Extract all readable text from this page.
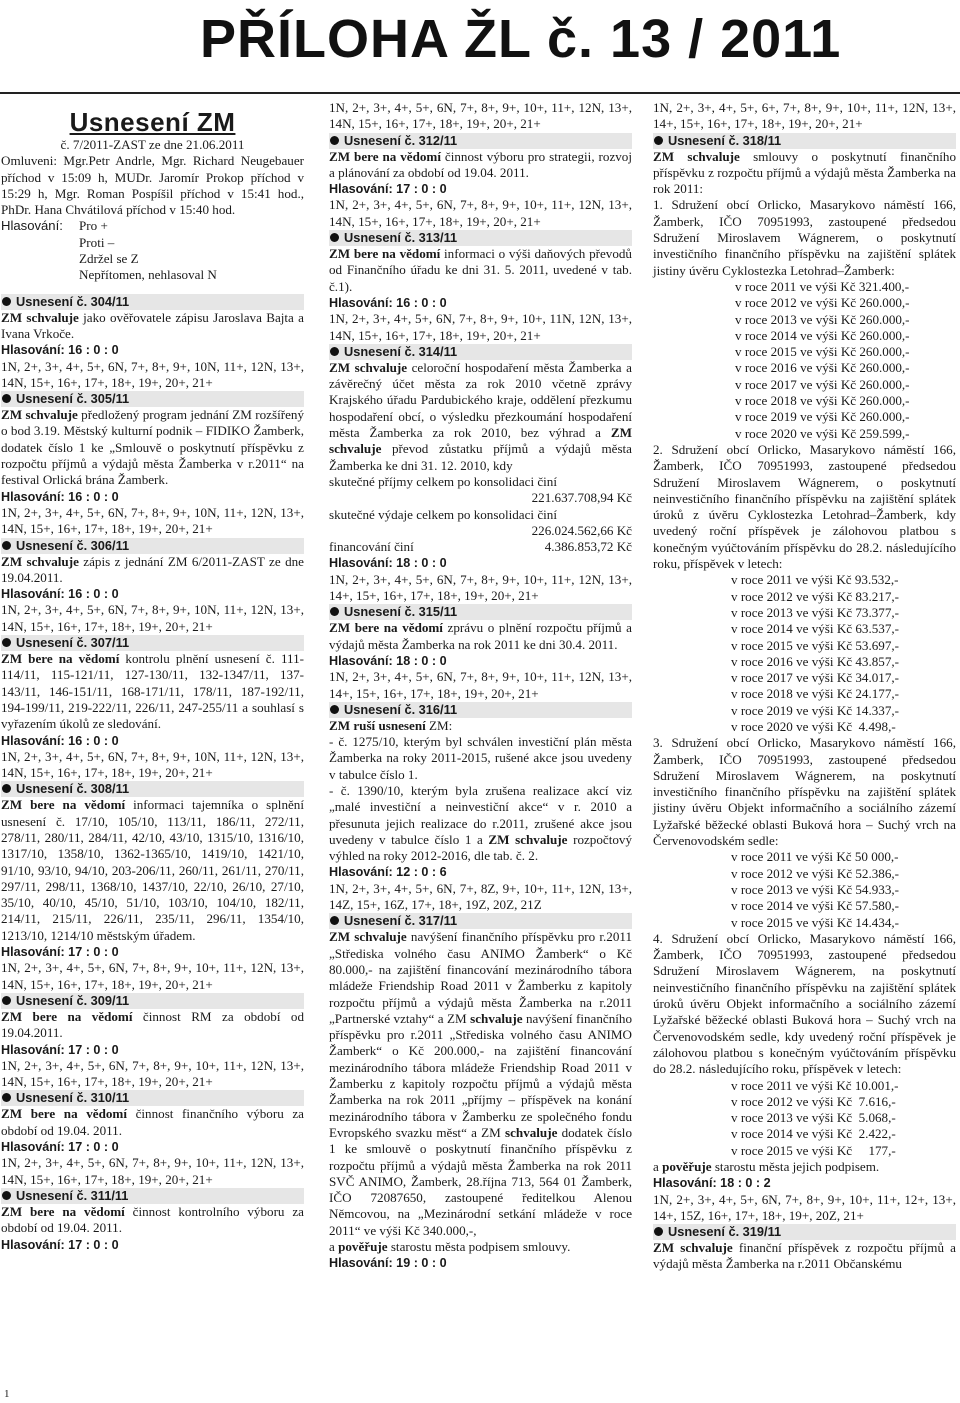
PŘÍLOHA ŽL č. 13 / 2011

Usnesení ZM

č. 7/2011-ZAST ze dne 21.06.2011

Omluveni: Mgr.Petr Andrle, Mgr. Richard Neugebauer příchod v 15:09 h, MUDr. Jaromír Prokop příchod v 15:29 h, Mgr. Roman Pospíšil příchod v 15:41 hod., PhDr. Hana Chvátilová příchod v 15:40 hod.

Hlasování:	Pro +
Proti –
Zdržel se Z
Nepřítomen, nehlasoval N

Usnesení č. 304/11

ZM schvaluje jako ověřovatele zápisu Jaroslava Bajta a Ivana Vrkoče.

Hlasování: 16 : 0 : 0

1N, 2+, 3+, 4+, 5+, 6N, 7+, 8+, 9+, 10N, 11+, 12N, 13+, 14N, 15+, 16+, 17+, 18+, 19+, 20+, 21+

Usnesení č. 305/11

ZM schvaluje předložený program jednání ZM rozšířený o bod 3.19. Městský kulturní podnik – FIDIKO Žamberk, dodatek číslo 1 ke „Smlouvě o poskytnutí příspěvku z rozpočtu příjmů a výdajů města Žamberka v r.2011“ na festival Orlická brána Žamberk.

Hlasování: 16 : 0 : 0

1N, 2+, 3+, 4+, 5+, 6N, 7+, 8+, 9+, 10N, 11+, 12N, 13+, 14N, 15+, 16+, 17+, 18+, 19+, 20+, 21+

Usnesení č. 306/11

ZM schvaluje zápis z jednání ZM 6/2011-ZAST ze dne 19.04.2011.

Hlasování: 16 : 0 : 0

1N, 2+, 3+, 4+, 5+, 6N, 7+, 8+, 9+, 10N, 11+, 12N, 13+, 14N, 15+, 16+, 17+, 18+, 19+, 20+, 21+

Usnesení č. 307/11

ZM bere na vědomí kontrolu plnění usnesení č. 111-114/11, 115-121/11, 127-130/11, 132-1347/11, 137-143/11, 146-151/11, 168-171/11, 178/11, 187-192/11, 194-199/11, 219-222/11, 226/11, 247-255/11 a souhlasí s vyřazením úkolů ze sledování.

Hlasování: 16 : 0 : 0

1N, 2+, 3+, 4+, 5+, 6N, 7+, 8+, 9+, 10N, 11+, 12N, 13+, 14N, 15+, 16+, 17+, 18+, 19+, 20+, 21+

Usnesení č. 308/11

ZM bere na vědomí informaci tajemníka o splnění usnesení č. 17/10, 105/10, 113/11, 186/11, 272/11, 278/11, 280/11, 284/11, 42/10, 43/10, 1315/10, 1316/10, 1317/10, 1358/10, 1362-1365/10, 1419/10, 1421/10, 91/10, 93/10, 94/10, 203-206/11, 260/11, 261/11, 270/11, 297/11, 298/11, 1368/10, 1437/10, 22/10, 26/10, 27/10, 35/10, 40/10, 45/10, 51/10, 103/10, 104/10, 182/11, 214/11, 215/11, 226/11, 235/11, 296/11, 1354/10, 1213/10, 1214/10 městským úřadem.

Hlasování: 17 : 0 : 0

1N, 2+, 3+, 4+, 5+, 6N, 7+, 8+, 9+, 10+, 11+, 12N, 13+, 14N, 15+, 16+, 17+, 18+, 19+, 20+, 21+

Usnesení č. 309/11

ZM bere na vědomí činnost RM za období od 19.04.2011.

Hlasování: 17 : 0 : 0

1N, 2+, 3+, 4+, 5+, 6N, 7+, 8+, 9+, 10+, 11+, 12N, 13+, 14N, 15+, 16+, 17+, 18+, 19+, 20+, 21+

Usnesení č. 310/11

ZM bere na vědomí činnost finančního výboru za období od 19.04. 2011.

Hlasování: 17 : 0 : 0

1N, 2+, 3+, 4+, 5+, 6N, 7+, 8+, 9+, 10+, 11+, 12N, 13+, 14N, 15+, 16+, 17+, 18+, 19+, 20+, 21+

Usnesení č. 311/11

ZM bere na vědomí činnost kontrolního výboru za období od 19.04. 2011.

Hlasování: 17 : 0 : 0

1N, 2+, 3+, 4+, 5+, 6N, 7+, 8+, 9+, 10+, 11+, 12N, 13+, 14N, 15+, 16+, 17+, 18+, 19+, 20+, 21+

Usnesení č. 312/11

ZM bere na vědomí činnost výboru pro strategii, rozvoj a plánování za období od 19.04. 2011.

Hlasování: 17 : 0 : 0

1N, 2+, 3+, 4+, 5+, 6N, 7+, 8+, 9+, 10+, 11+, 12N, 13+, 14N, 15+, 16+, 17+, 18+, 19+, 20+, 21+

Usnesení č. 313/11

ZM bere na vědomí informaci o výši daňových převodů od Finančního úřadu ke dni 31. 5. 2011, uvedené v tab. č.1).

Hlasování: 16 : 0 : 0

1N, 2+, 3+, 4+, 5+, 6N, 7+, 8+, 9+, 10+, 11N, 12N, 13+, 14N, 15+, 16+, 17+, 18+, 19+, 20+, 21+

Usnesení č. 314/11

ZM schvaluje celoroční hospodaření města Žamberka a závěrečný účet města za rok 2010 včetně zprávy Krajského úřadu Pardubického kraje, oddělení přezkumu hospodaření obcí, o výsledku přezkoumání hospodaření města Žamberka za rok 2010, bez výhrad a ZM schvaluje převod zůstatku příjmů a výdajů města Žamberka ke dni 31. 12. 2010, kdy

skutečné příjmy celkem po konsolidaci činí

221.637.708,94 Kč

skutečné výdaje celkem po konsolidaci činí

226.024.562,66 Kč

financování činí	4.386.853,72 Kč

Hlasování: 18 : 0 : 0

1N, 2+, 3+, 4+, 5+, 6N, 7+, 8+, 9+, 10+, 11+, 12N, 13+, 14+, 15+, 16+, 17+, 18+, 19+, 20+, 21+

Usnesení č. 315/11

ZM bere na vědomí zprávu o plnění rozpočtu příjmů a výdajů města Žamberka na rok 2011 ke dni 30.4. 2011.

Hlasování: 18 : 0 : 0

1N, 2+, 3+, 4+, 5+, 6N, 7+, 8+, 9+, 10+, 11+, 12N, 13+, 14+, 15+, 16+, 17+, 18+, 19+, 20+, 21+

Usnesení č. 316/11

ZM ruší usnesení ZM:

- č. 1275/10, kterým byl schválen investiční plán města Žamberka na roky 2011-2015, rušené akce jsou uvedeny v tabulce číslo 1.

- č. 1390/10, kterým byla zrušena realizace akcí viz „malé investiční a neinvestiční akce“ v r. 2010 a přesunuta jejich realizace do r.2011, zrušené akce jsou uvedeny v tabulce číslo 1 a ZM schvaluje rozpočtový výhled na roky 2012-2016, dle tab. č. 2.

Hlasování: 12 : 0 : 6

1N, 2+, 3+, 4+, 5+, 6N, 7+, 8Z, 9+, 10+, 11+, 12N, 13+, 14Z, 15+, 16Z, 17+, 18+, 19Z, 20Z, 21Z

Usnesení č. 317/11

ZM schvaluje navýšení finančního příspěvku pro r.2011 „Střediska volného času ANIMO Žamberk“ o Kč 80.000,- na zajištění financování mezinárodního tábora mládeže Friendship Road 2011 v Žamberku z kapitoly rozpočtu příjmů a výdajů města Žamberka na r.2011 „Partnerské vztahy“ a ZM schvaluje navýšení finančního příspěvku pro r.2011 „Střediska volného času ANIMO Žamberk“ o Kč 200.000,- na zajištění financování mezinárodního tábora mládeže Friendship Road 2011 v Žamberku z kapitoly rozpočtu příjmů a výdajů města Žamberka na rok 2011 „příjmy – příspěvek na konání mezinárodního tábora v Žamberku ze společného fondu Evropského svazku měst“ a ZM schvaluje dodatek číslo 1 ke smlouvě o poskytnutí finančního příspěvku z rozpočtu příjmů a výdajů města Žamberka na rok 2011 SVČ ANIMO, Žamberk, 28.října 713, 564 01 Žamberk, IČO 72087650, zastoupené ředitelkou Alenou Němcovou, na „Mezinárodní setkání mládeže v roce 2011“ ve výši Kč 340.000,-,

a pověřuje starostu města podpisem smlouvy.

Hlasování: 19 : 0 : 0

1N, 2+, 3+, 4+, 5+, 6+, 7+, 8+, 9+, 10+, 11+, 12N, 13+, 14+, 15+, 16+, 17+, 18+, 19+, 20+, 21+

Usnesení č. 318/11

ZM schvaluje smlouvy o poskytnutí finančního příspěvku z rozpočtu příjmů a výdajů města Žamberka na rok 2011:

1. Sdružení obcí Orlicko, Masarykovo náměstí 166, Žamberk, IČO 70951993, zastoupené předsedou Sdružení Miroslavem Wágnerem, o poskytnutí investičního finančního příspěvku na zajištění splátek jistiny úvěru Cyklostezka Letohrad–Žamberk:

v roce 2011 ve výši Kč 321.400,-
v roce 2012 ve výši Kč 260.000,-
v roce 2013 ve výši Kč 260.000,-
v roce 2014 ve výši Kč 260.000,-
v roce 2015 ve výši Kč 260.000,-
v roce 2016 ve výši Kč 260.000,-
v roce 2017 ve výši Kč 260.000,-
v roce 2018 ve výši Kč 260.000,-
v roce 2019 ve výši Kč 260.000,-
v roce 2020 ve výši Kč 259.599,-

2. Sdružení obcí Orlicko, Masarykovo náměstí 166, Žamberk, IČO 70951993, zastoupené předsedou Sdružení Miroslavem Wágnerem, o poskytnutí neinvestičního finančního příspěvku na zajištění splátek úroků z úvěru Cyklostezka Letohrad–Žamberk, kdy uvedený roční příspěvek je zálohovou platbou s konečným vyúčtováním příspěvku do 28.2. následujícího roku, příspěvek v letech:

v roce 2011 ve výši Kč 93.532,-
v roce 2012 ve výši Kč 83.217,-
v roce 2013 ve výši Kč 73.377,-
v roce 2014 ve výši Kč 63.537,-
v roce 2015 ve výši Kč 53.697,-
v roce 2016 ve výši Kč 43.857,-
v roce 2017 ve výši Kč 34.017,-
v roce 2018 ve výši Kč 24.177,-
v roce 2019 ve výši Kč 14.337,-
v roce 2020 ve výši Kč  4.498,-

3. Sdružení obcí Orlicko, Masarykovo náměstí 166, Žamberk, IČO 70951993, zastoupené předsedou Sdružení Miroslavem Wágnerem, na poskytnutí investičního finančního příspěvku na zajištění splátek jistiny úvěru Objekt informačního a sociálního zázemí Lyžařské běžecké oblasti Buková hora – Suchý vrch na Červenovodském sedle:

v roce 2011 ve výši Kč 50 000,-
v roce 2012 ve výši Kč 52.386,-
v roce 2013 ve výši Kč 54.933,-
v roce 2014 ve výši Kč 57.580,-
v roce 2015 ve výši Kč 14.434,-

4. Sdružení obcí Orlicko, Masarykovo náměstí 166, Žamberk, IČO 70951993, zastoupené předsedou Sdružení Miroslavem Wágnerem, na poskytnutí neinvestičního finančního příspěvku na zajištění splátek úroků úvěru Objekt informačního a sociálního zázemí Lyžařské běžecké oblasti Buková hora – Suchý vrch na Červenovodském sedle, kdy uvedený roční příspěvek je zálohovou platbou s konečným vyúčtováním příspěvku do 28.2. následujícího roku, příspěvek v letech:

v roce 2011 ve výši Kč 10.001,-
v roce 2012 ve výši Kč  7.616,-
v roce 2013 ve výši Kč  5.068,-
v roce 2014 ve výši Kč  2.422,-
v roce 2015 ve výši Kč     177,-

a pověřuje starostu města jejich podpisem.

Hlasování: 18 : 0 : 2

1N, 2+, 3+, 4+, 5+, 6N, 7+, 8+, 9+, 10+, 11+, 12+, 13+, 14+, 15Z, 16+, 17+, 18+, 19+, 20Z, 21+

Usnesení č. 319/11

ZM schvaluje finanční příspěvek z rozpočtu příjmů a výdajů města Žamberka na r.2011 Občanskému

1
